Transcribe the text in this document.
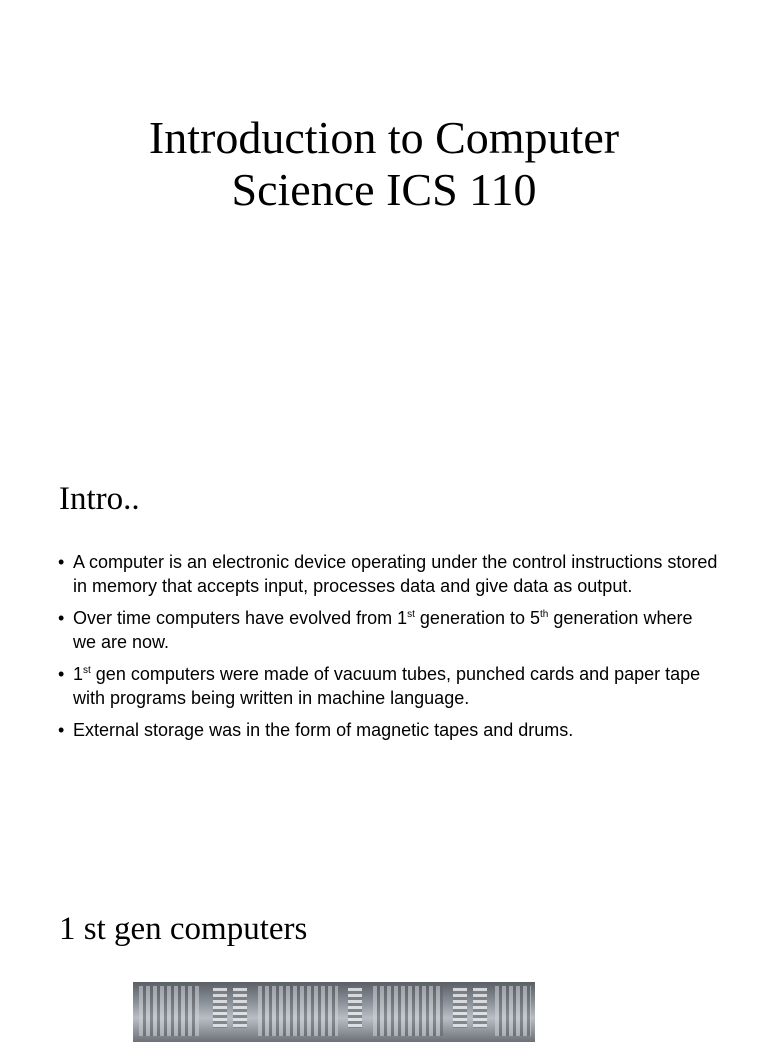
Introduction to Computer
Science ICS 110
Intro..
• A computer is an electronic device operating under the control instructions stored in memory that accepts input, processes data and give data as output.
• Over time computers have evolved from 1st generation to 5th generation where we are now.
• 1st gen computers were made of vacuum tubes, punched cards and paper tape with programs being written in machine language.
• External storage was in the form of magnetic tapes and drums.
1 st gen computers
